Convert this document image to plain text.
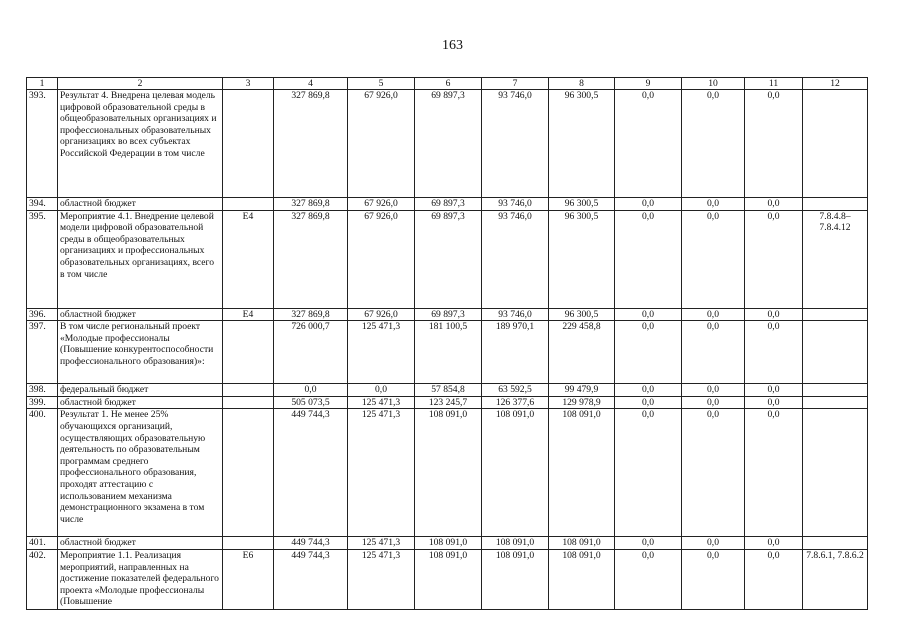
163
1	2	3	4	5	6	7	8	9	10	11	12
393.	Результат 4. Внедрена целевая модель цифровой образовательной среды в общеобразовательных организациях и профессиональных образовательных организациях во всех субъектах Российской Федерации в том числе		327 869,8	67 926,0	69 897,3	93 746,0	96 300,5	0,0	0,0	0,0	
394.	областной бюджет		327 869,8	67 926,0	69 897,3	93 746,0	96 300,5	0,0	0,0	0,0	
395.	Мероприятие 4.1. Внедрение целевой модели цифровой образовательной среды в общеобразовательных организациях и профессиональных образовательных организациях, всего в том числе	Е4	327 869,8	67 926,0	69 897,3	93 746,0	96 300,5	0,0	0,0	0,0	7.8.4.8–
7.8.4.12
396.	областной бюджет	Е4	327 869,8	67 926,0	69 897,3	93 746,0	96 300,5	0,0	0,0	0,0	
397.	В том числе региональный проект «Молодые профессионалы (Повышение конкурентоспособности профессионального образования)»:		726 000,7	125 471,3	181 100,5	189 970,1	229 458,8	0,0	0,0	0,0	
398.	федеральный бюджет		0,0	0,0	57 854,8	63 592,5	99 479,9	0,0	0,0	0,0	
399.	областной бюджет		505 073,5	125 471,3	123 245,7	126 377,6	129 978,9	0,0	0,0	0,0	
400.	Результат 1. Не менее 25% обучающихся организаций, осуществляющих образовательную деятельность по образовательным программам среднего профессионального образования, проходят аттестацию с использованием механизма демонстрационного экзамена в том числе		449 744,3	125 471,3	108 091,0	108 091,0	108 091,0	0,0	0,0	0,0	
401.	областной бюджет		449 744,3	125 471,3	108 091,0	108 091,0	108 091,0	0,0	0,0	0,0	
402.	Мероприятие 1.1. Реализация мероприятий, направленных на достижение показателей федерального проекта «Молодые профессионалы (Повышение	Е6	449 744,3	125 471,3	108 091,0	108 091,0	108 091,0	0,0	0,0	0,0	7.8.6.1, 7.8.6.2
